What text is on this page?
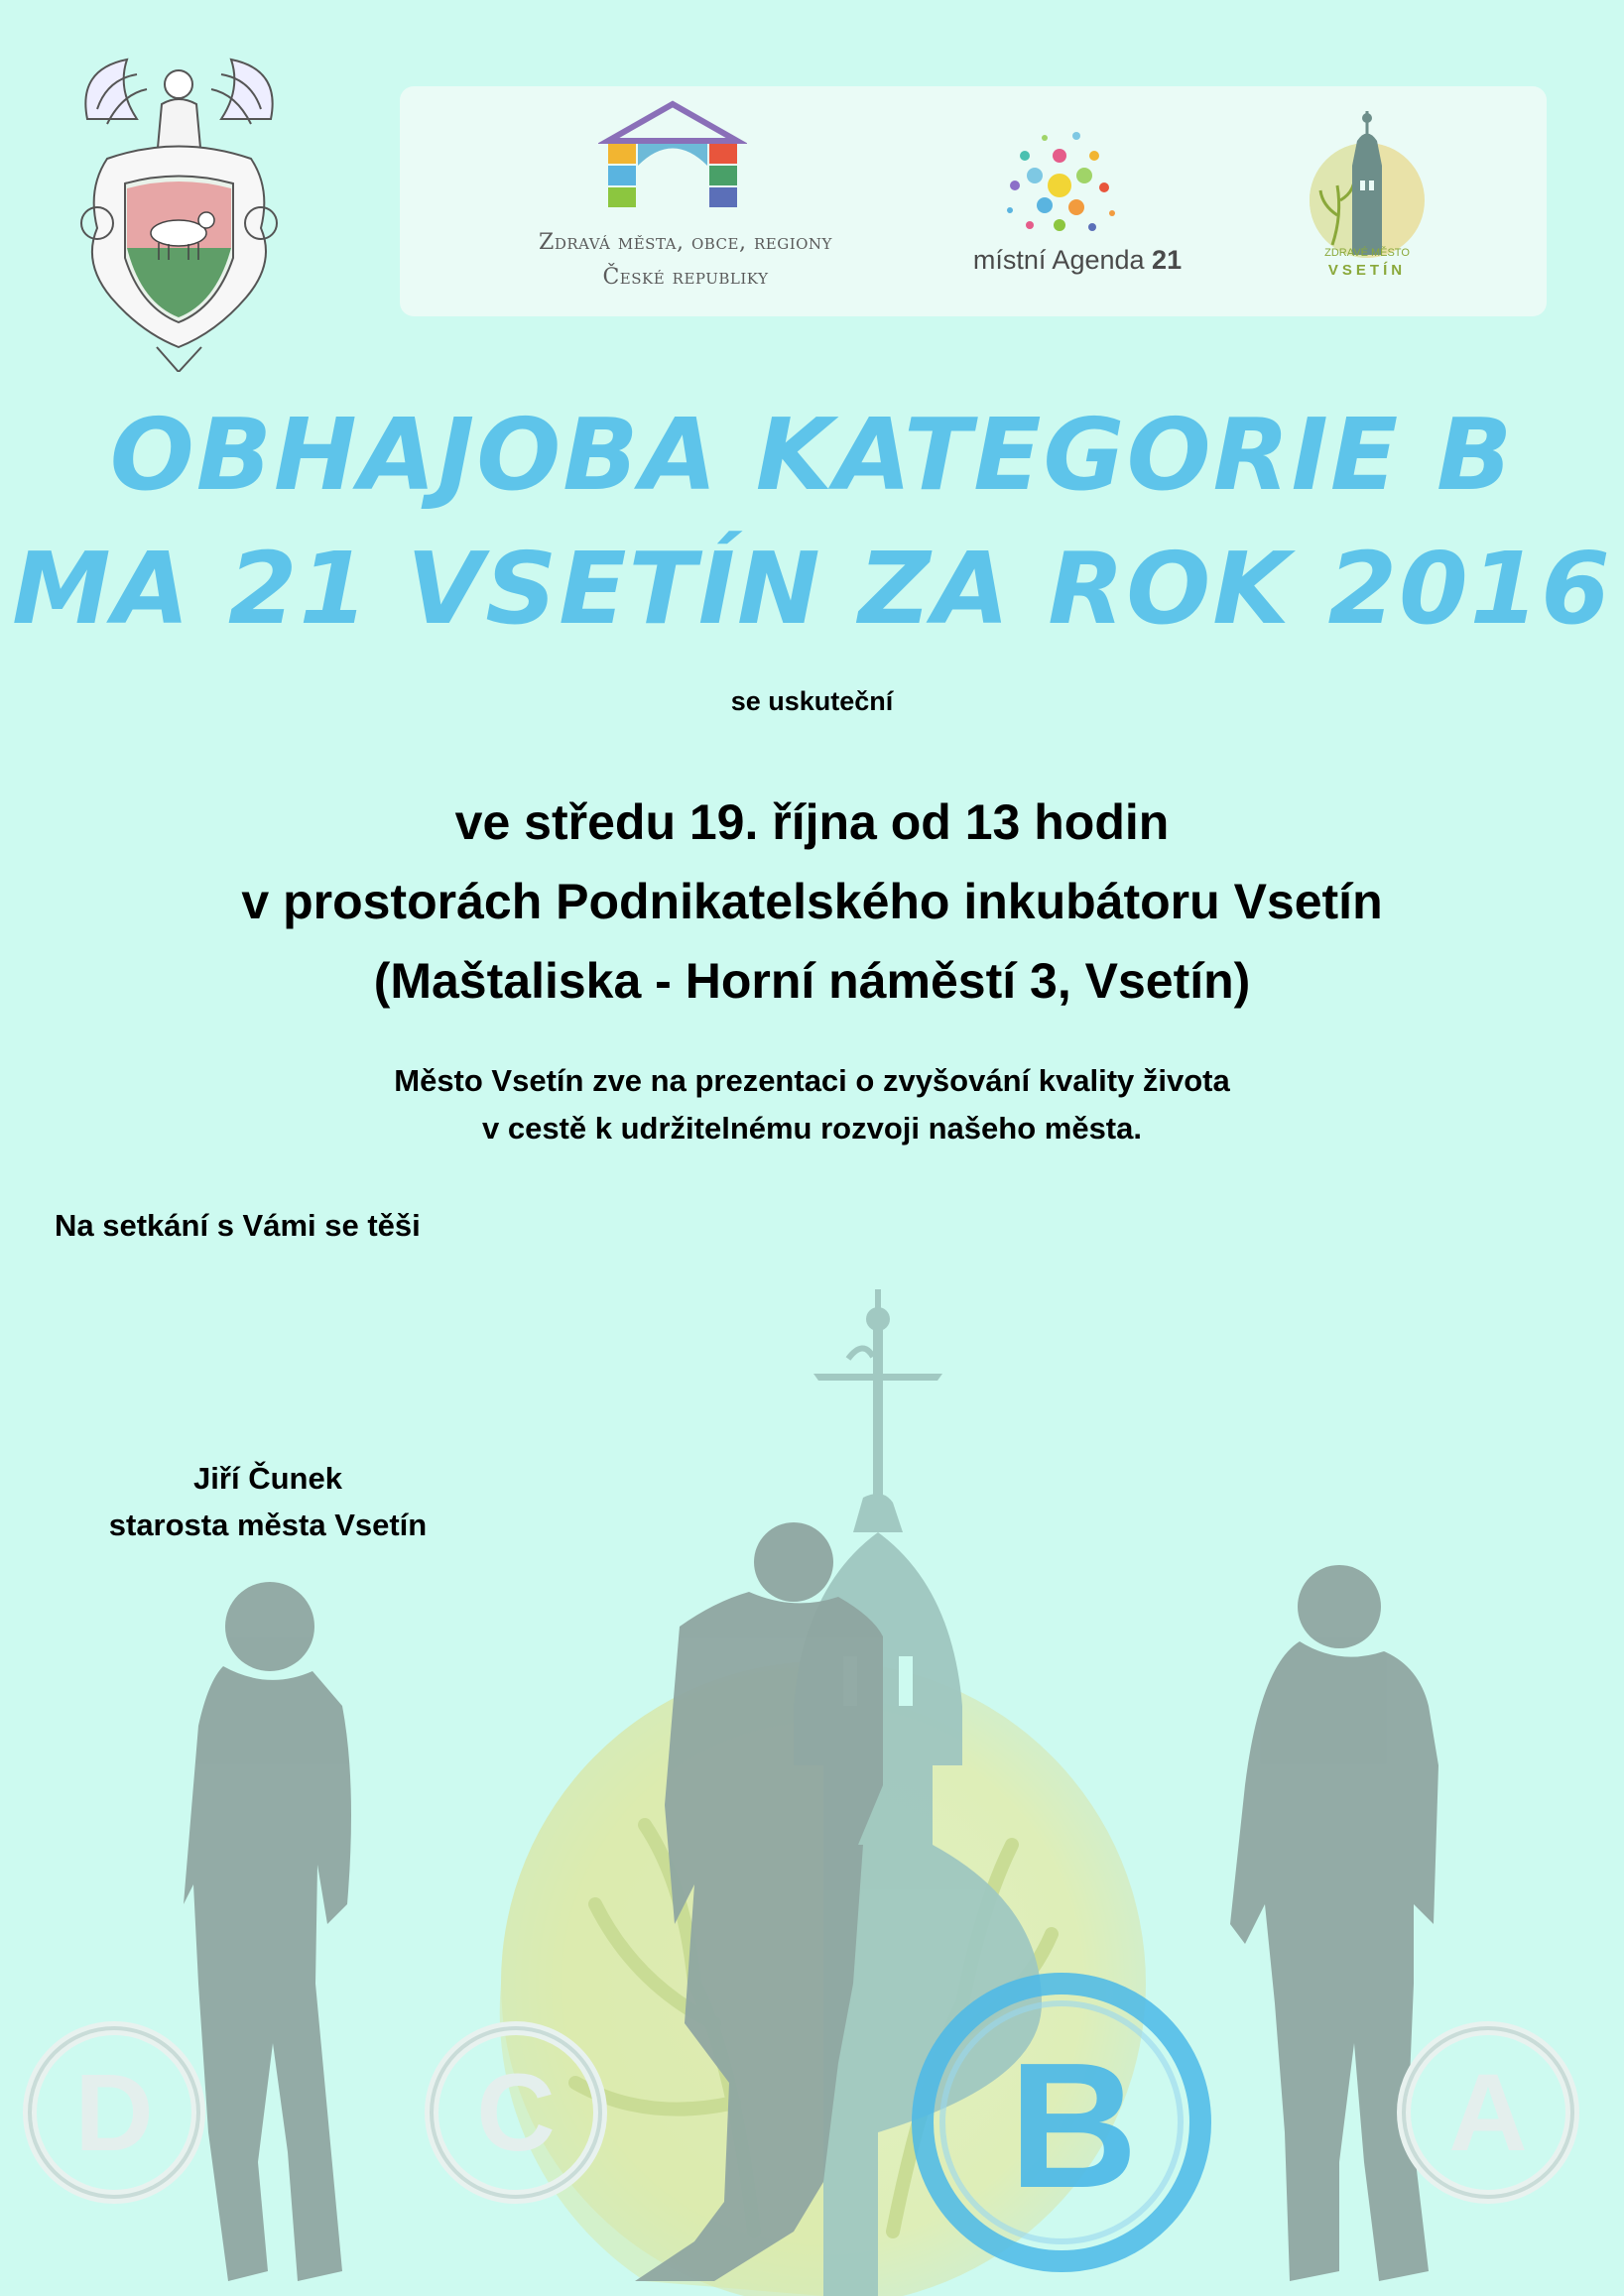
Zdravá města, obce, regiony
České republiky
místní Agenda 21	ZDRAVÉ MĚSTO
VSETÍN
OBHAJOBA KATEGORIE B
MA 21 VSETÍN ZA ROK 2016
se uskuteční
ve středu 19. října od 13 hodin
v prostorách Podnikatelského inkubátoru Vsetín
(Maštaliska - Horní náměstí 3, Vsetín)
Město Vsetín zve na prezentaci o zvyšování kvality života
v cestě k udržitelnému rozvoji našeho města.
Na setkání s Vámi se těši
D	C	B	A
Jiří Čunek
starosta města Vsetín
